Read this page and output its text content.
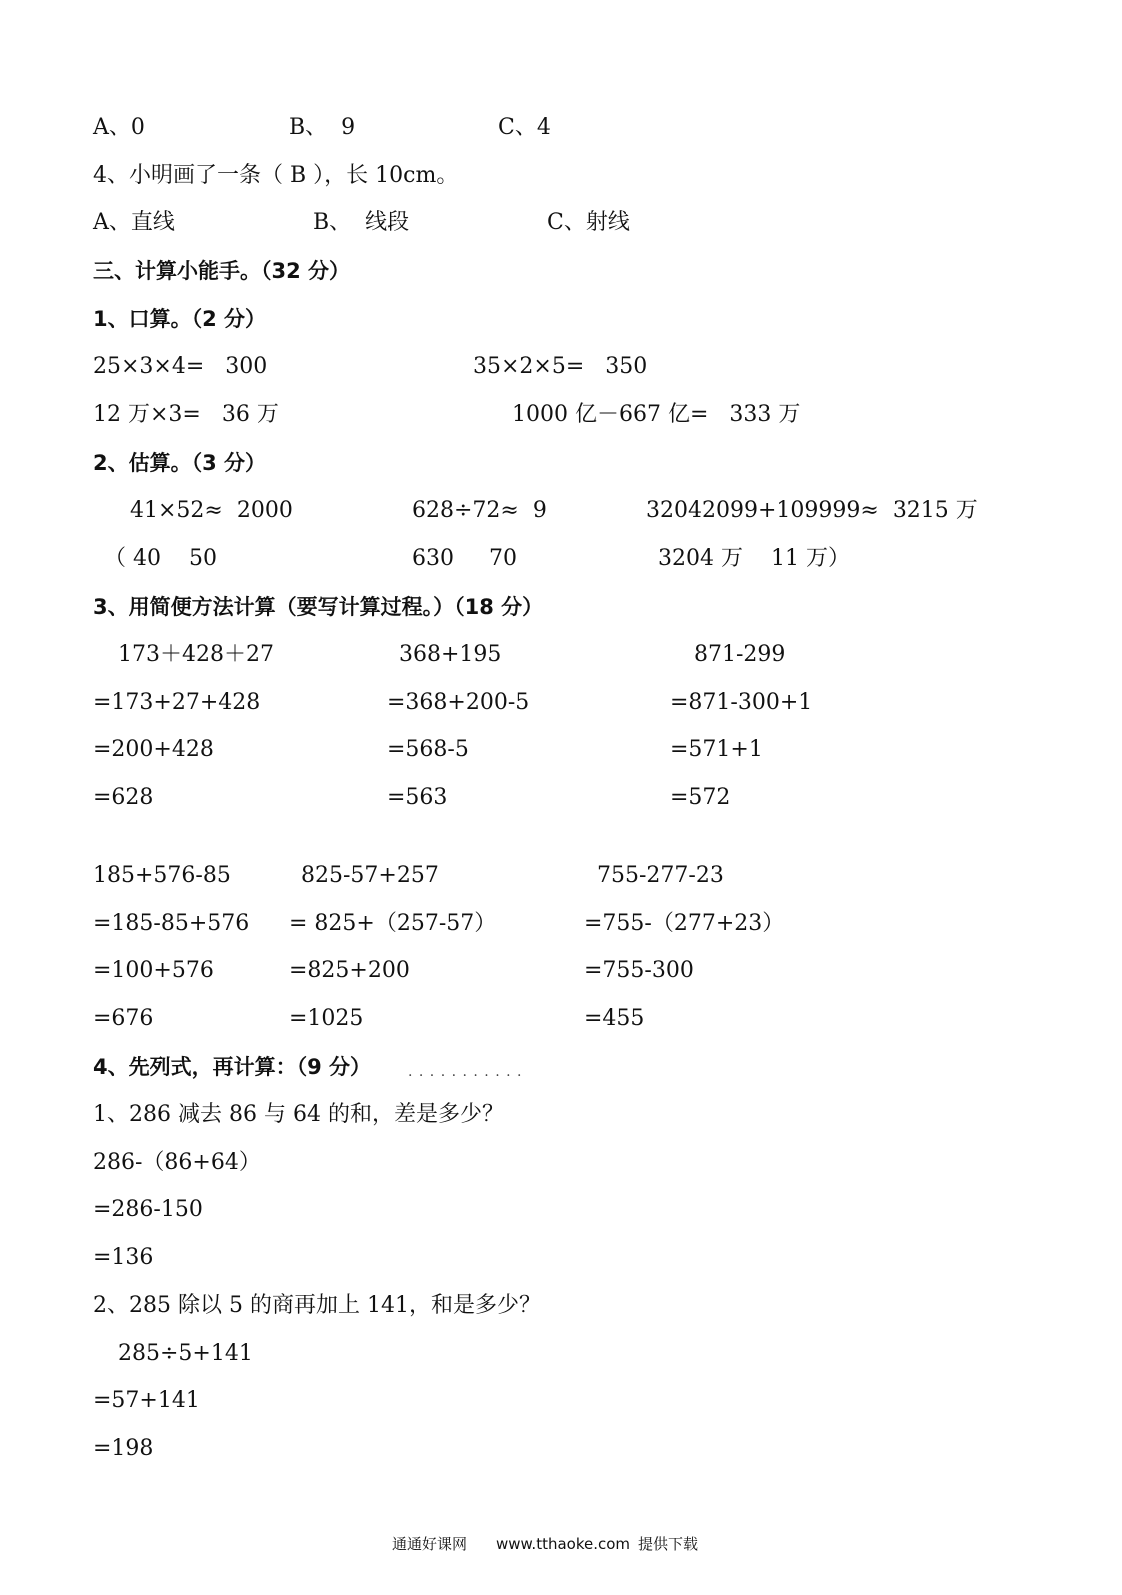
A、0	B、  9	C、4
4、小明画了一条（ B ），长 10cm。
A、直线	B、  线段	C、射线
三、计算小能手。（32 分）
1、口算。（2 分）
25×3×4=   300	35×2×5=   350
12 万×3=   36 万	1000 亿－667 亿=   333 万
2、估算。（3 分）
41×52≈  2000	628÷72≈  9	32042099+109999≈  3215 万
（ 40    50	630     70	3204 万    11 万）
3、用简便方法计算（要写计算过程。）（18 分）
173＋428＋27
=173+27+428
=200+428
=628
368+195
=368+200-5
=568-5
=563
871-299
=871-300+1
=571+1
=572
185+576-85
=185-85+576
=100+576
=676
825-57+257
= 825+（257-57）
=825+200
=1025
755-277-23
=755-（277+23）
=755-300
=455
4、先列式，再计算：（9 分）	. . . . . . . . . . .
1、286 减去 86 与 64 的和，差是多少？
286-（86+64）
=286-150
=136
2、285 除以 5 的商再加上 141，和是多少？
285÷5+141
=57+141
=198
通通好课网 www.tthaoke.com 提供下载
